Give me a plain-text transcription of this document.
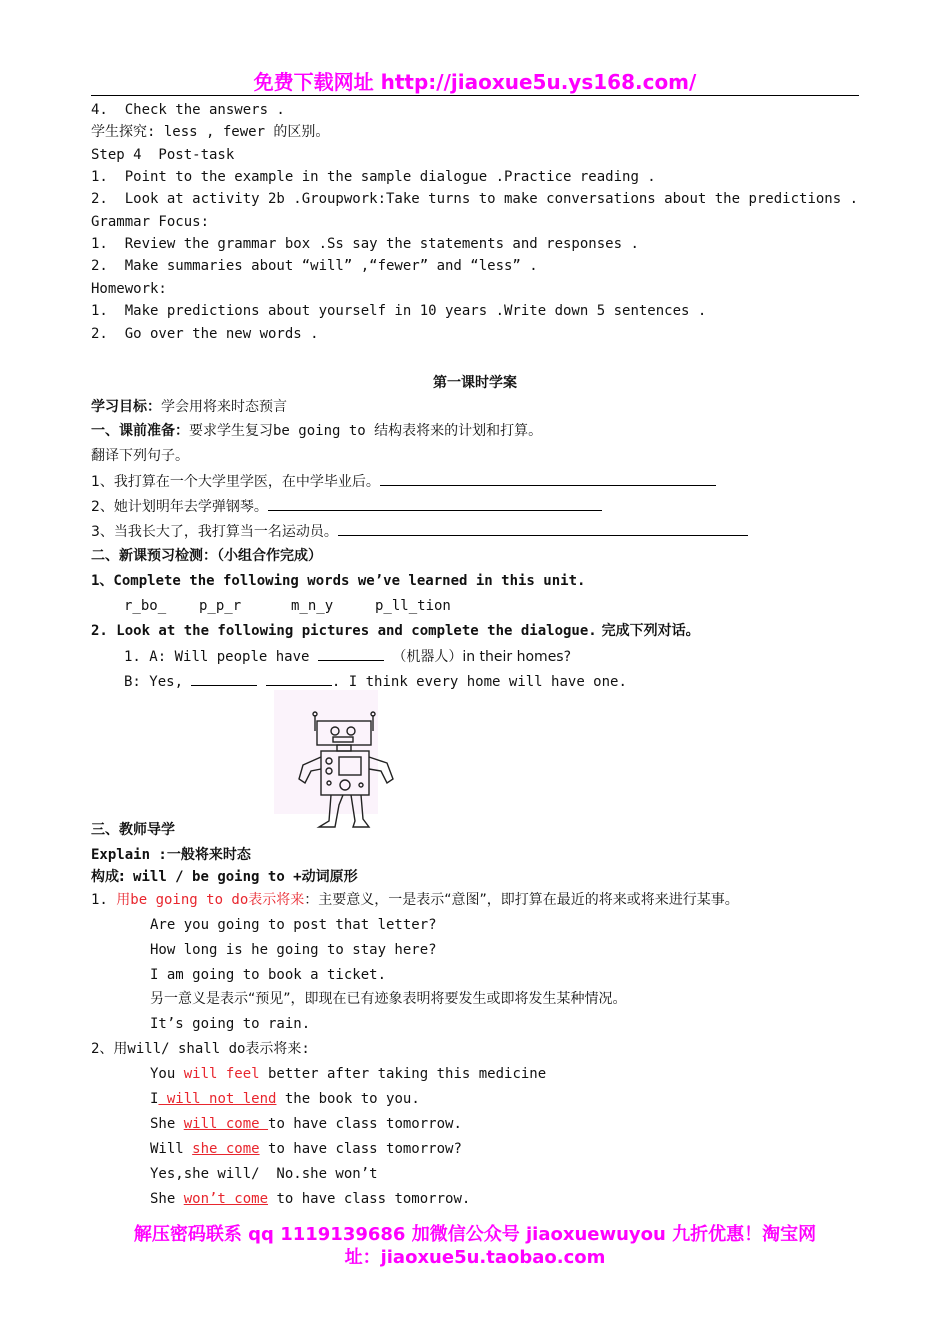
免费下载网址 http://jiaoxue5u.ys168.com/
4.  Check the answers .
学生探究: less , fewer 的区别。
Step 4  Post-task
1.  Point to the example in the sample dialogue .Practice reading .
2.  Look at activity 2b .Groupwork:Take turns to make conversations about the predictions .
Grammar Focus:
1.  Review the grammar box .Ss say the statements and responses .
2.  Make summaries about “will” ,“fewer” and “less” .
Homework:
1.  Make predictions about yourself in 10 years .Write down 5 sentences .
2.  Go over the new words .
第一课时学案
学习目标：学会用将来时态预言
一、课前准备：要求学生复习be going to 结构表将来的计划和打算。
翻译下列句子。
1、我打算在一个大学里学医，在中学毕业后。
2、她计划明年去学弹钢琴。
3、当我长大了，我打算当一名运动员。
二、新课预习检测：（小组合作完成）
1、Complete the following words we’ve learned in this unit.
r_bo_ p_p_r	m_n_y	p_ll_tion
2. Look at the following pictures and complete the dialogue. 完成下列对话。
1. A: Will people have	（机器人）in their homes?
B: Yes,	. I think every home will have one.

三、教师导学
Explain :一般将来时态
构成: will / be going to +动词原形
1. 用be going to do表示将来：主要意义，一是表示“意图”，即打算在最近的将来或将来进行某事。
Are you going to post that letter?
How long is he going to stay here?
I am going to book a ticket.
另一意义是表示“预见”，即现在已有迹象表明将要发生或即将发生某种情况。
It’s going to rain.
2、用will/ shall do表示将来:
You will feel better after taking this medicine
I will not lend the book to you.
She will come to have class tomorrow.
Will she come to have class tomorrow?
Yes,she will/  No.she won’t
She won’t come to have class tomorrow.
解压密码联系 qq 1119139686 加微信公众号 jiaoxuewuyou 九折优惠！淘宝网
址：jiaoxue5u.taobao.com
